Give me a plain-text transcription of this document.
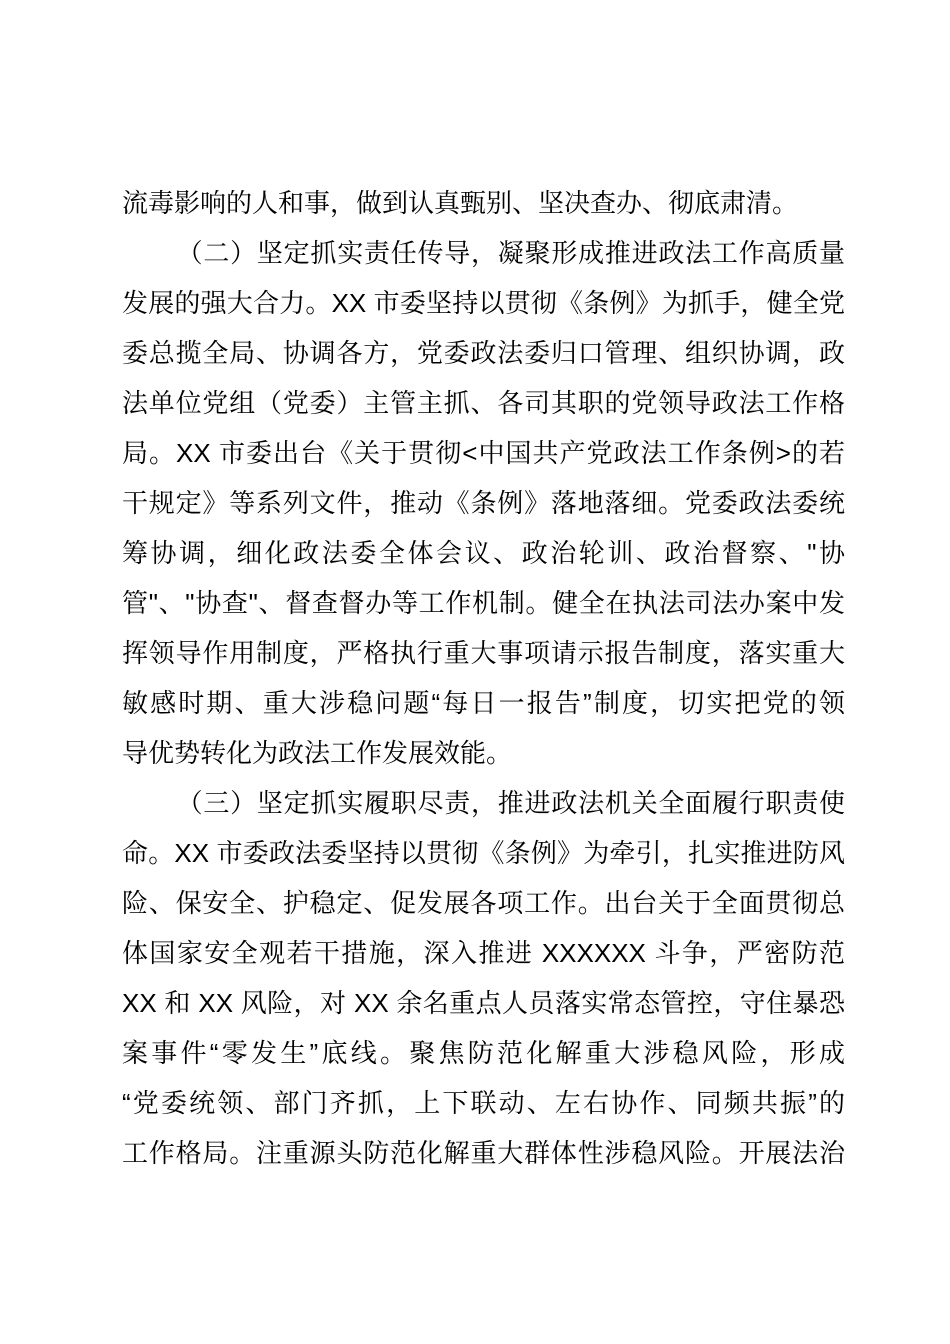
流毒影响的人和事，做到认真甄别、坚决查办、彻底肃清。
（二）坚定抓实责任传导，凝聚形成推进政法工作高质量
发展的强大合力。XX 市委坚持以贯彻《条例》为抓手，健全党
委总揽全局、协调各方，党委政法委归口管理、组织协调，政
法单位党组（党委）主管主抓、各司其职的党领导政法工作格
局。XX 市委出台《关于贯彻<中国共产党政法工作条例>的若
干规定》等系列文件，推动《条例》落地落细。党委政法委统
筹协调，细化政法委全体会议、政治轮训、政治督察、"协
管"、"协查"、督查督办等工作机制。健全在执法司法办案中发
挥领导作用制度，严格执行重大事项请示报告制度，落实重大
敏感时期、重大涉稳问题“每日一报告”制度，切实把党的领
导优势转化为政法工作发展效能。
（三）坚定抓实履职尽责，推进政法机关全面履行职责使
命。XX 市委政法委坚持以贯彻《条例》为牵引，扎实推进防风
险、保安全、护稳定、促发展各项工作。出台关于全面贯彻总
体国家安全观若干措施，深入推进 XXXXXX 斗争，严密防范
XX 和 XX 风险，对 XX 余名重点人员落实常态管控，守住暴恐
案事件“零发生”底线。聚焦防范化解重大涉稳风险，形成
“党委统领、部门齐抓，上下联动、左右协作、同频共振”的
工作格局。注重源头防范化解重大群体性涉稳风险。开展法治
